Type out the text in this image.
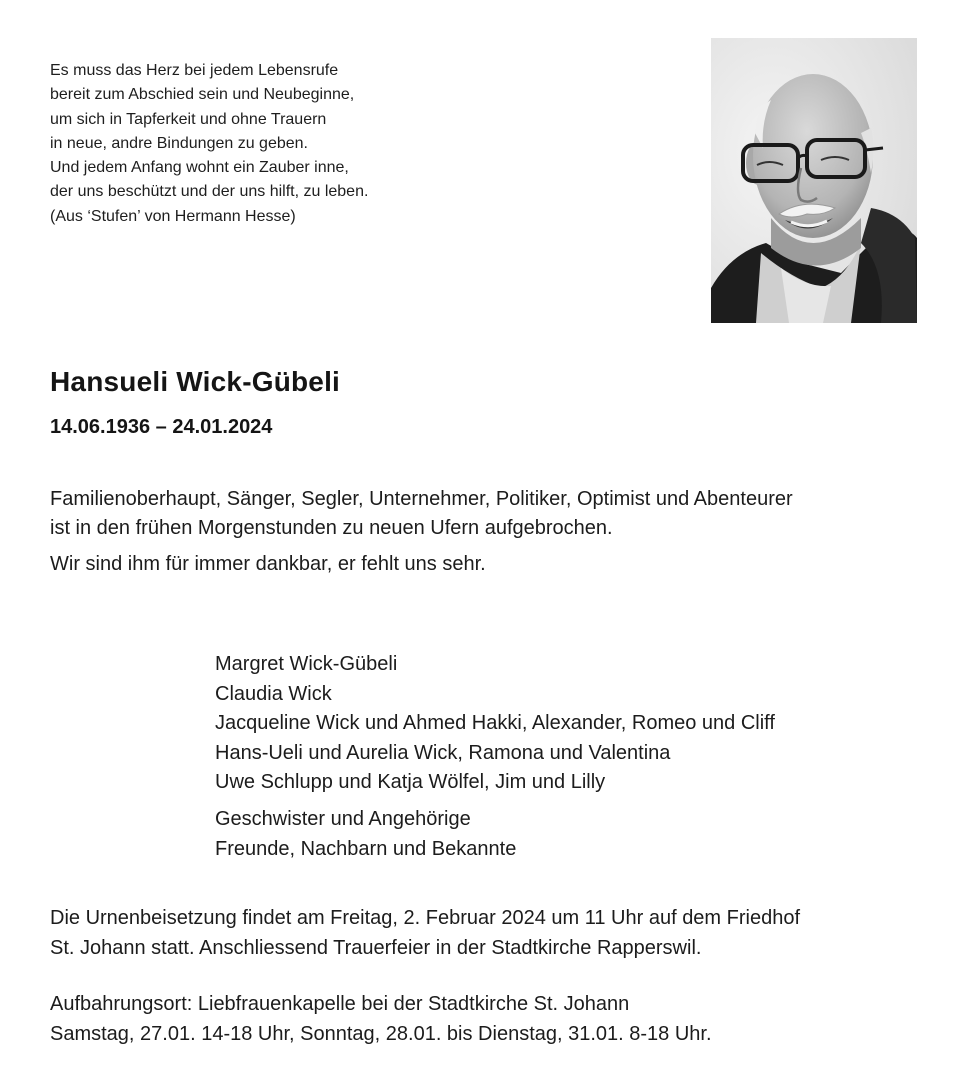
Es muss das Herz bei jedem Lebensrufe
bereit zum Abschied sein und Neubeginne,
um sich in Tapferkeit und ohne Trauern
in neue, andre Bindungen zu geben.
Und jedem Anfang wohnt ein Zauber inne,
der uns beschützt und der uns hilft, zu leben.
(Aus ‘Stufen’ von Hermann Hesse)
Hansueli Wick-Gübeli
14.06.1936 – 24.01.2024
Familienoberhaupt, Sänger, Segler, Unternehmer, Politiker, Optimist und Abenteurer
ist in den frühen Morgenstunden zu neuen Ufern aufgebrochen.
Wir sind ihm für immer dankbar, er fehlt uns sehr.
Margret Wick-Gübeli
Claudia Wick
Jacqueline Wick und Ahmed Hakki, Alexander, Romeo und Cliff
Hans-Ueli und Aurelia Wick, Ramona und Valentina
Uwe Schlupp und Katja Wölfel, Jim und Lilly
Geschwister und Angehörige
Freunde, Nachbarn und Bekannte
Die Urnenbeisetzung findet am Freitag, 2. Februar 2024 um 11 Uhr auf dem Friedhof
St. Johann statt. Anschliessend Trauerfeier in der Stadtkirche Rapperswil.
Aufbahrungsort: Liebfrauenkapelle bei der Stadtkirche St. Johann
Samstag, 27.01. 14-18 Uhr, Sonntag, 28.01. bis Dienstag, 31.01. 8-18 Uhr.
